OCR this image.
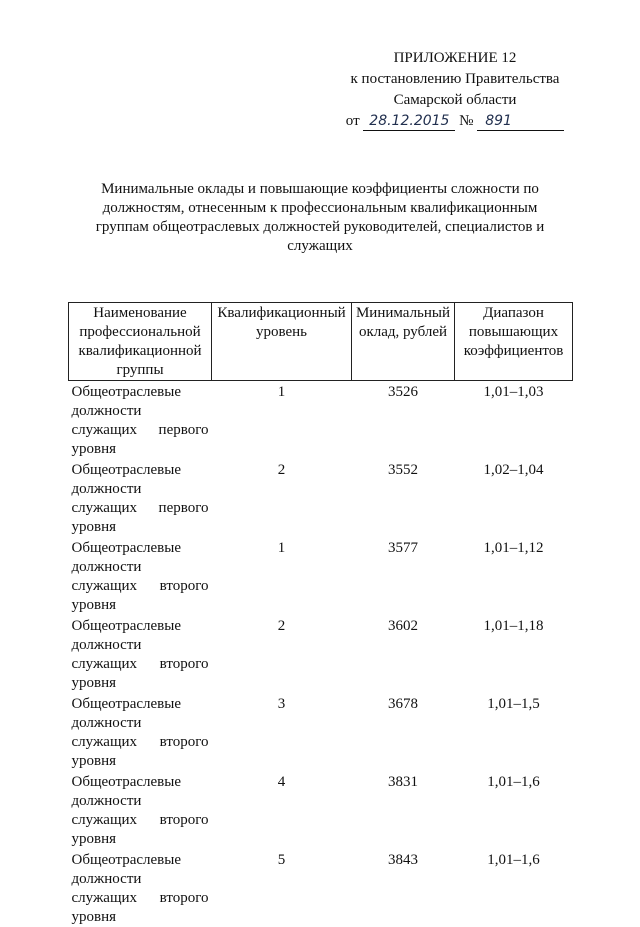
ПРИЛОЖЕНИЕ 12
к постановлению Правительства
Самарской области
от 28.12.2015 № 891
Минимальные оклады и повышающие коэффициенты сложности по должностям, отнесенным к профессиональным квалификационным группам общеотраслевых должностей руководителей, специалистов и служащих
Наименование профессиональной квалификационной группы	Квалификационный уровень	Минимальный оклад, рублей	Диапазон повышающих коэффициентов
Общеотраслевые должности служащих первого уровня	1	3526	1,01–1,03
Общеотраслевые должности служащих первого уровня	2	3552	1,02–1,04
Общеотраслевые должности служащих второго уровня	1	3577	1,01–1,12
Общеотраслевые должности служащих второго уровня	2	3602	1,01–1,18
Общеотраслевые должности служащих второго уровня	3	3678	1,01–1,5
Общеотраслевые должности служащих второго уровня	4	3831	1,01–1,6
Общеотраслевые должности служащих второго уровня	5	3843	1,01–1,6
